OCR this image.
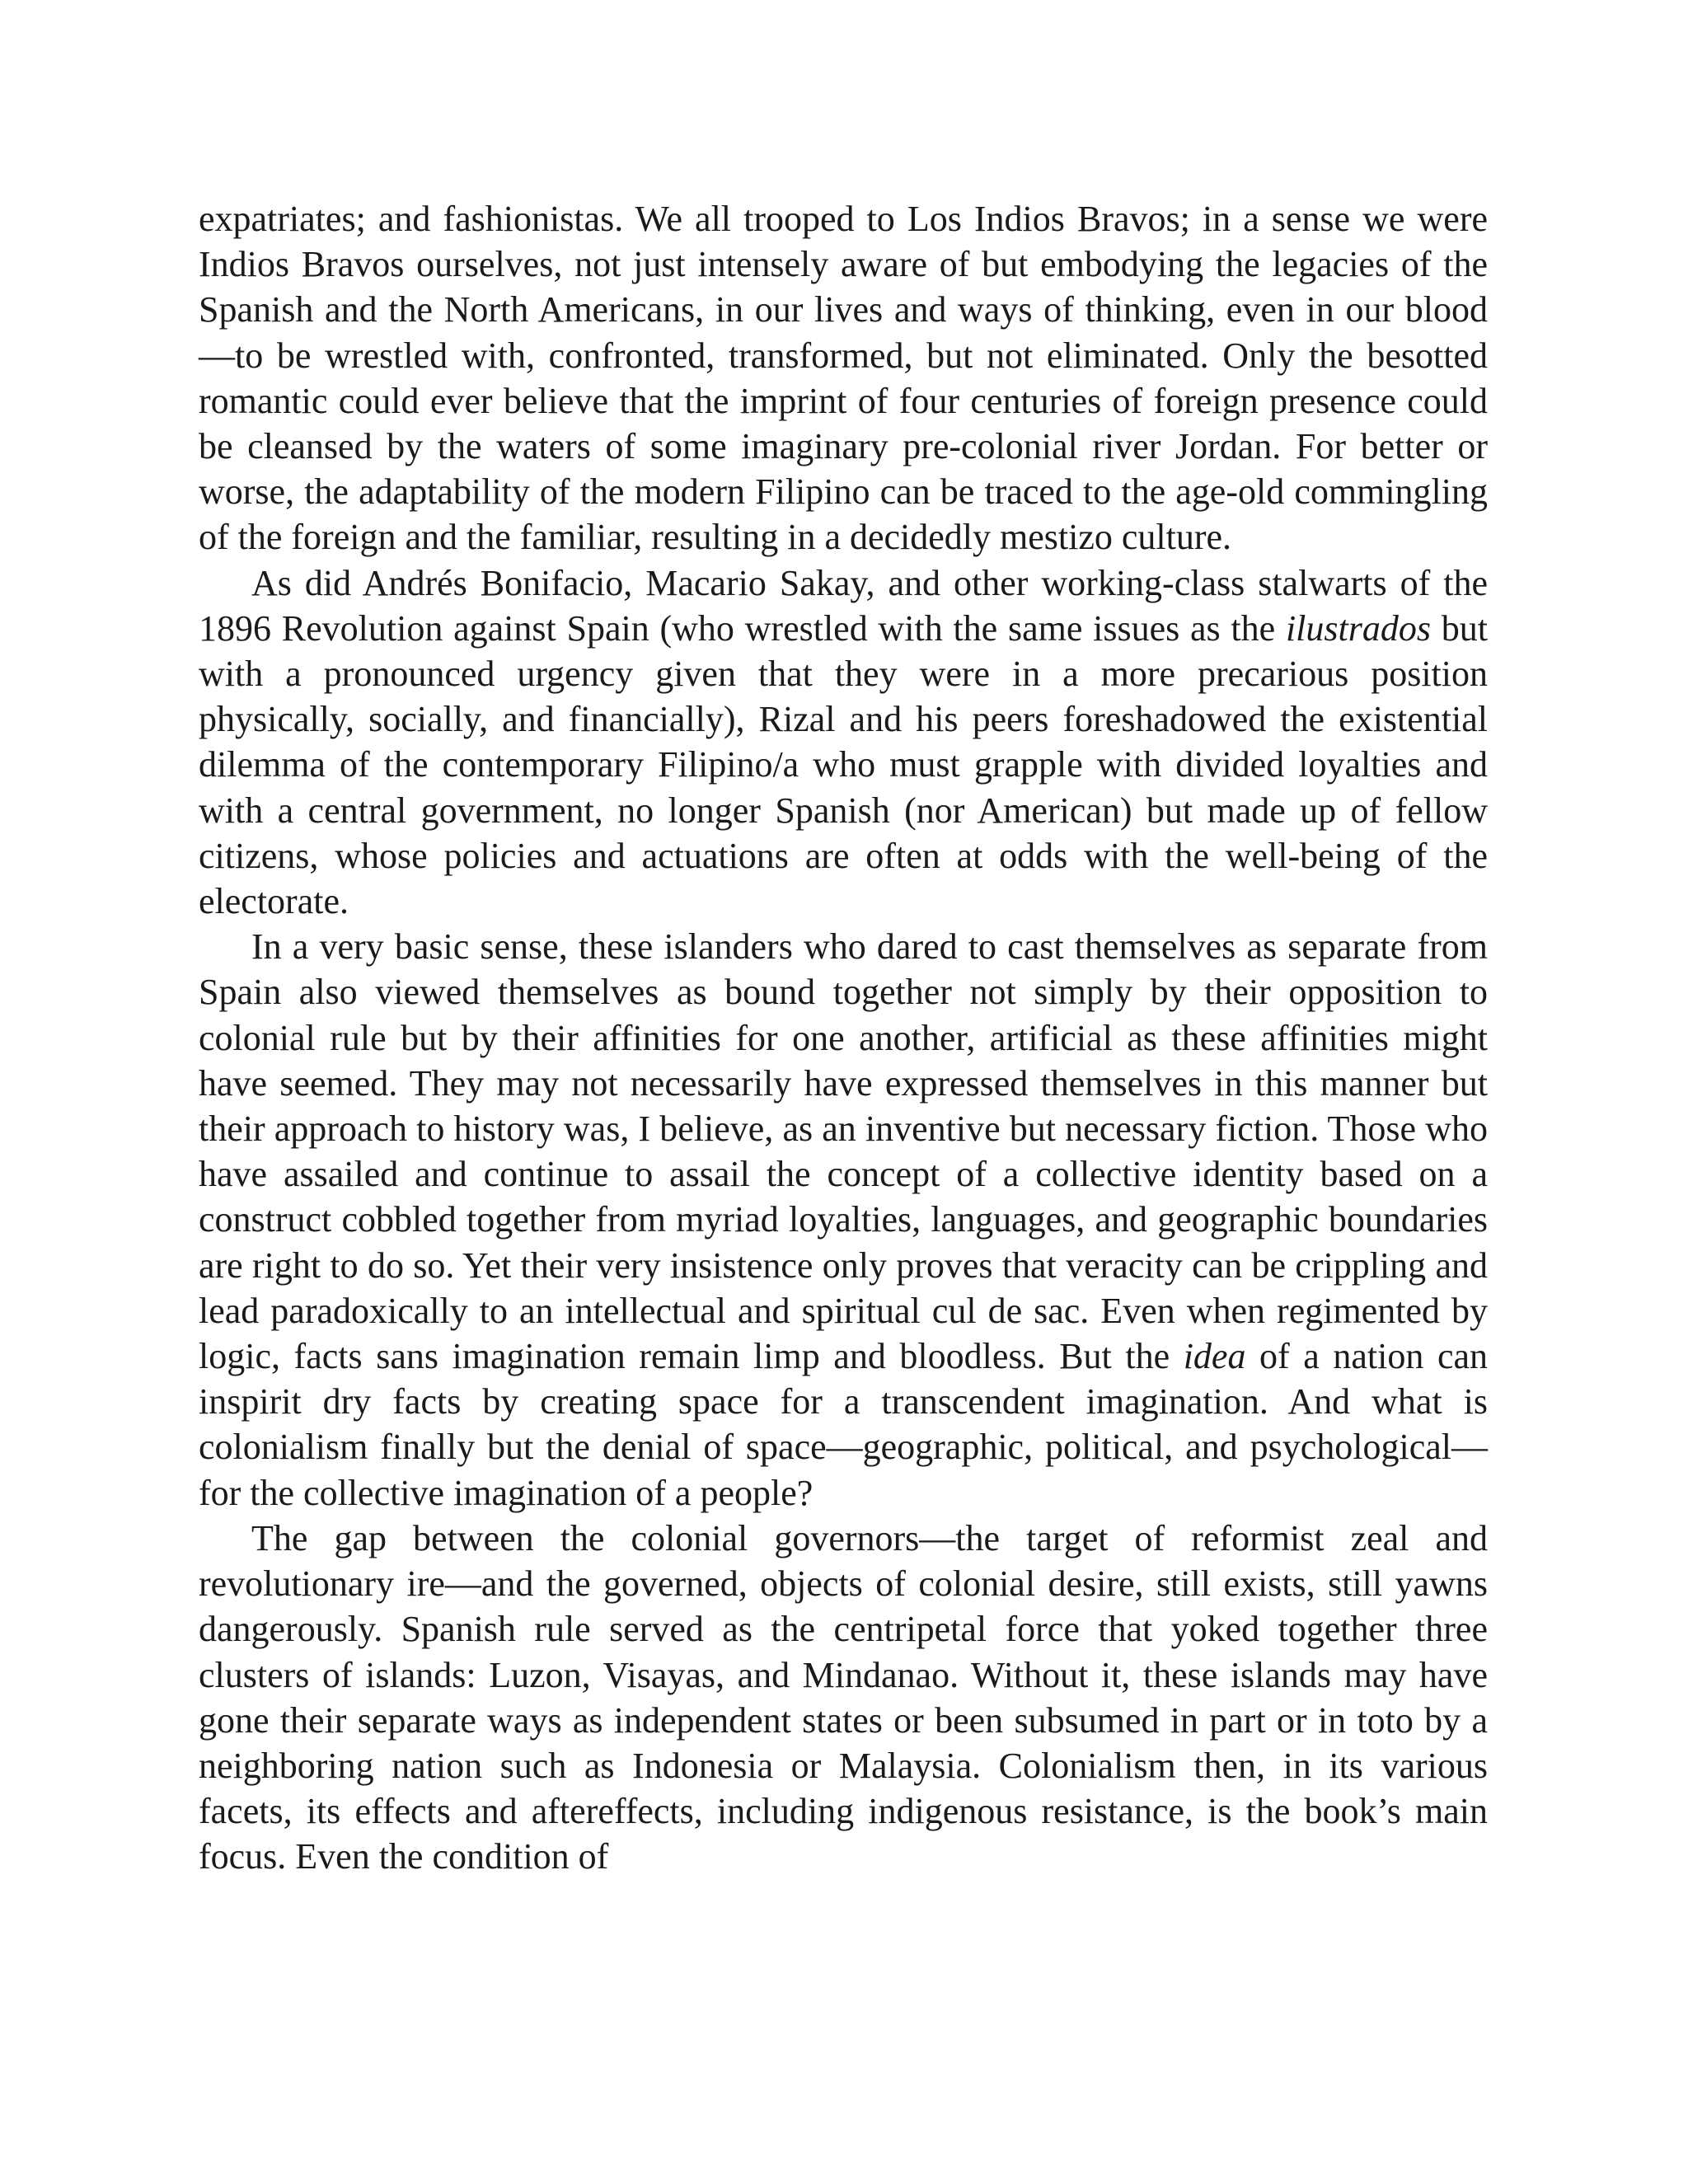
expatriates; and fashionistas. We all trooped to Los Indios Bravos; in a sense we were Indios Bravos ourselves, not just intensely aware of but embodying the legacies of the Spanish and the North Americans, in our lives and ways of thinking, even in our blood—to be wrestled with, confronted, transformed, but not eliminated. Only the besotted romantic could ever believe that the imprint of four centuries of foreign presence could be cleansed by the waters of some imaginary pre-colonial river Jordan. For better or worse, the adaptability of the modern Filipino can be traced to the age-old commingling of the foreign and the familiar, resulting in a decidedly mestizo culture.

As did Andrés Bonifacio, Macario Sakay, and other working-class stalwarts of the 1896 Revolution against Spain (who wrestled with the same issues as the ilustrados but with a pronounced urgency given that they were in a more precarious position physically, socially, and financially), Rizal and his peers foreshadowed the existential dilemma of the contemporary Filipino/a who must grapple with divided loyalties and with a central government, no longer Spanish (nor American) but made up of fellow citizens, whose policies and actuations are often at odds with the well-being of the electorate.

In a very basic sense, these islanders who dared to cast themselves as separate from Spain also viewed themselves as bound together not simply by their opposition to colonial rule but by their affinities for one another, artificial as these affinities might have seemed. They may not necessarily have expressed themselves in this manner but their approach to history was, I believe, as an inventive but necessary fiction. Those who have assailed and continue to assail the concept of a collective identity based on a construct cobbled together from myriad loyalties, languages, and geographic boundaries are right to do so. Yet their very insistence only proves that veracity can be crippling and lead paradoxically to an intellectual and spiritual cul de sac. Even when regimented by logic, facts sans imagination remain limp and bloodless. But the idea of a nation can inspirit dry facts by creating space for a transcendent imagination. And what is colonialism finally but the denial of space—geographic, political, and psychological—for the collective imagination of a people?

The gap between the colonial governors—the target of reformist zeal and revolutionary ire—and the governed, objects of colonial desire, still exists, still yawns dangerously. Spanish rule served as the centripetal force that yoked together three clusters of islands: Luzon, Visayas, and Mindanao. Without it, these islands may have gone their separate ways as independent states or been subsumed in part or in toto by a neighboring nation such as Indonesia or Malaysia. Colonialism then, in its various facets, its effects and aftereffects, including indigenous resistance, is the book’s main focus. Even the condition of
